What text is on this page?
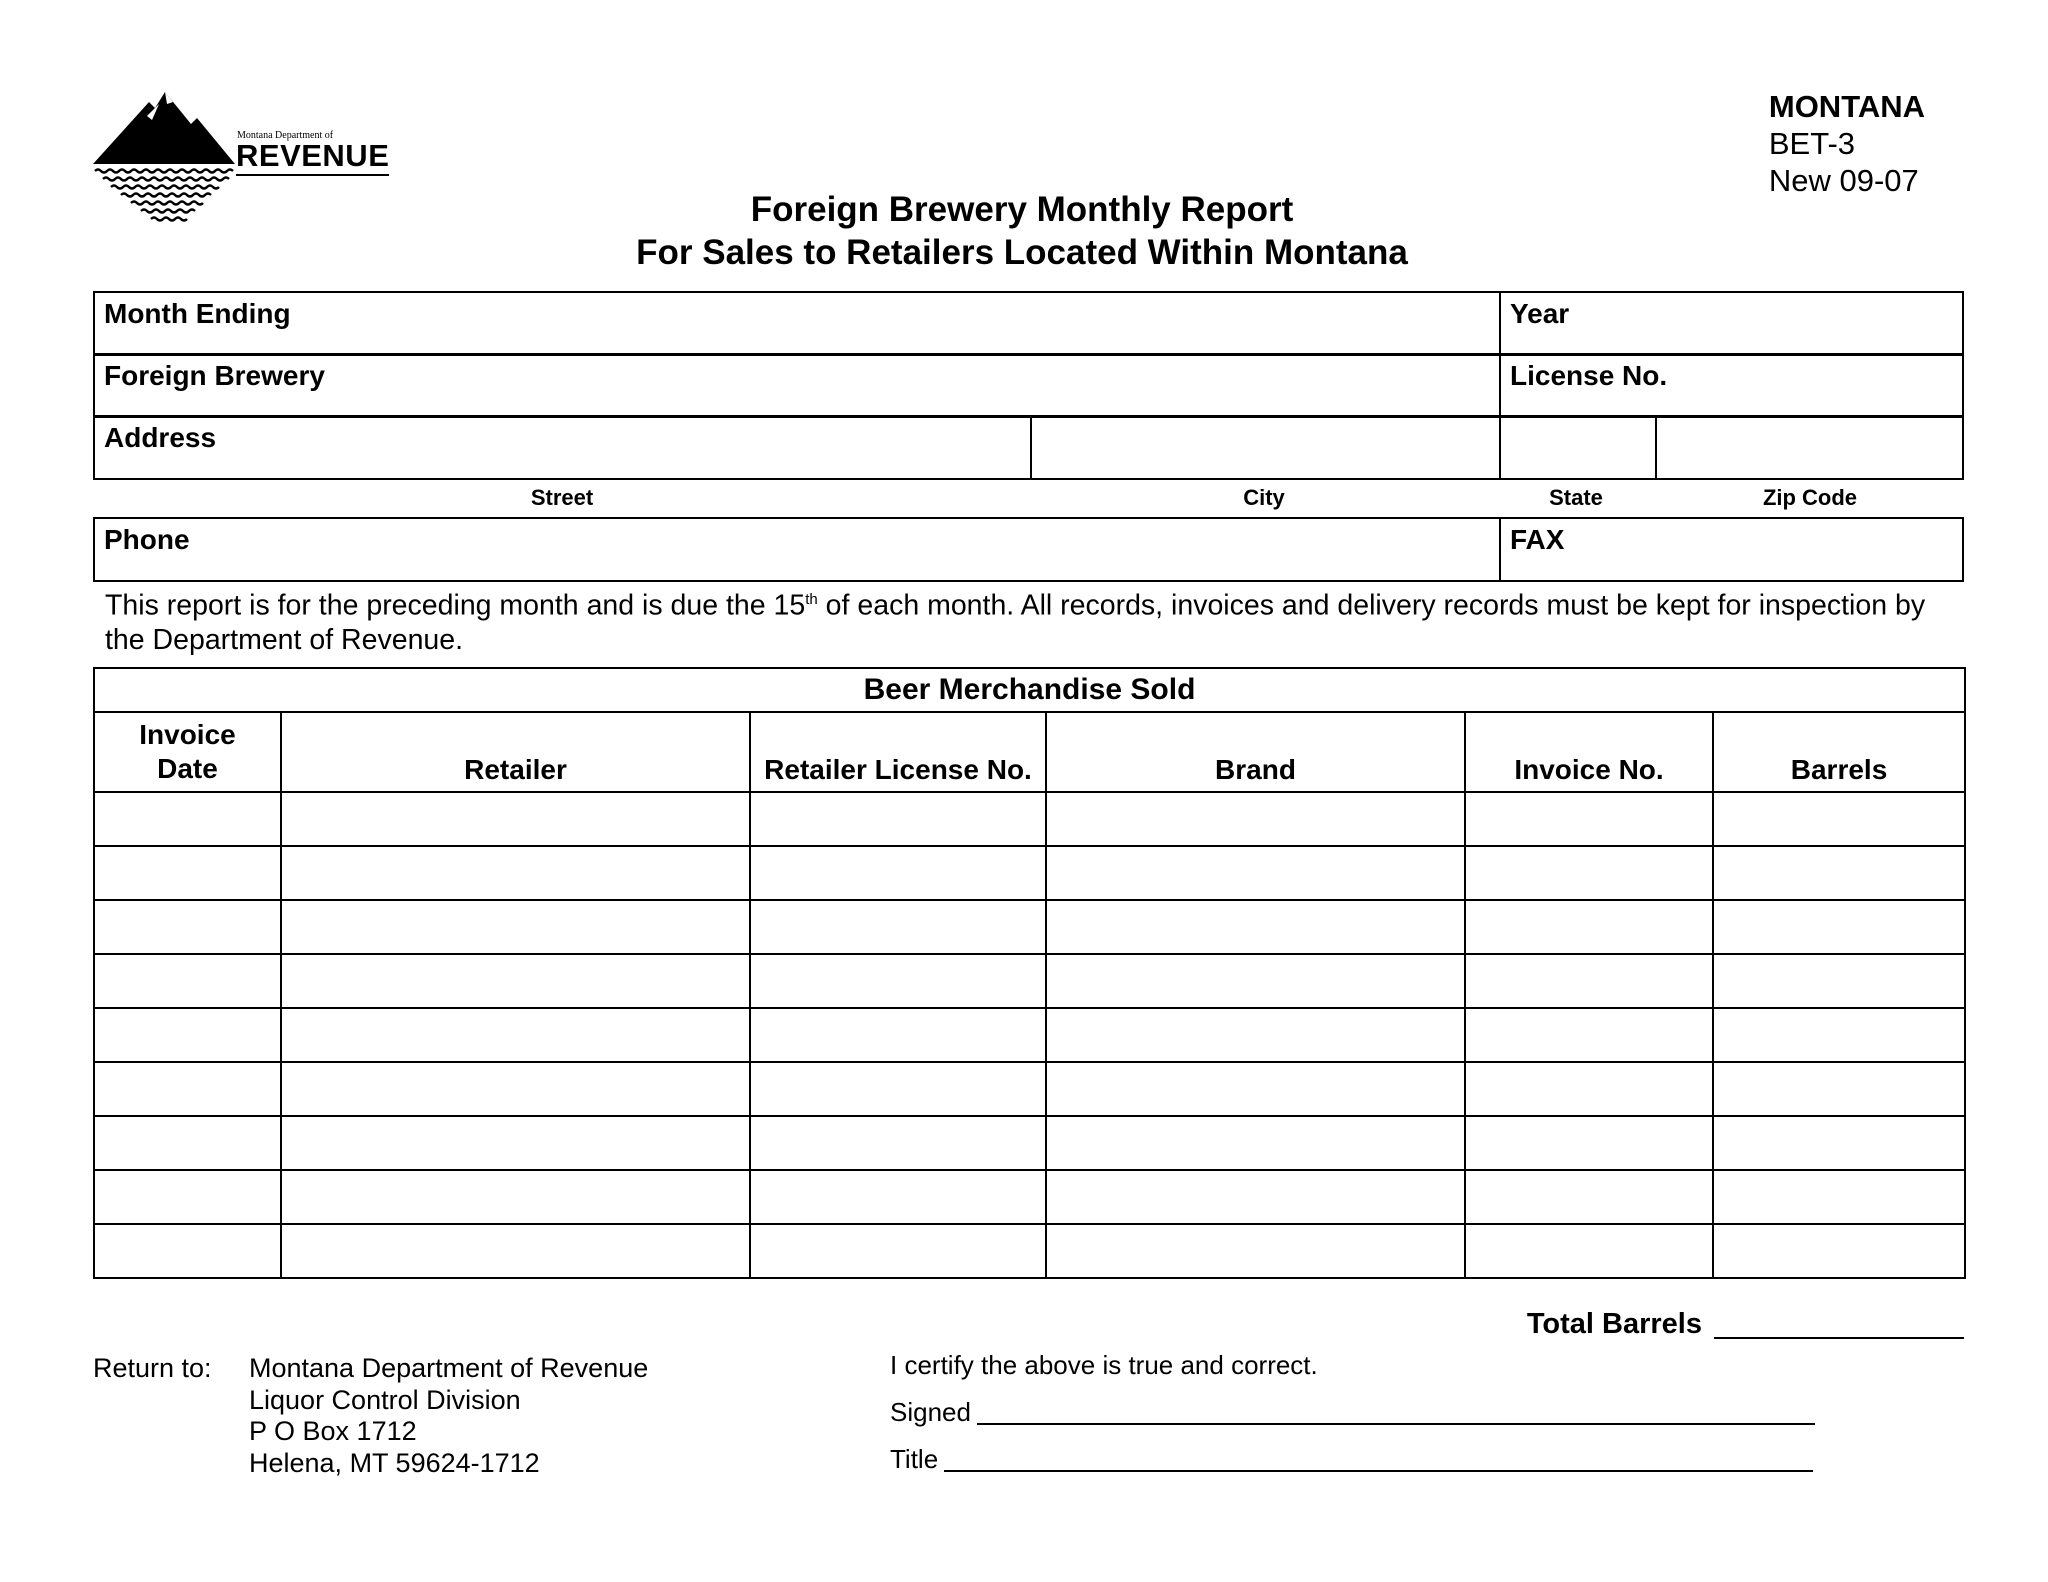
Montana Department of
REVENUE
MONTANA
BET-3
New 09-07
Foreign Brewery Monthly Report
For Sales to Retailers Located Within Montana
Month Ending	Year
Foreign Brewery	License No.
Address
Street	City	State	Zip Code
Phone	FAX
This report is for the preceding month and is due the 15th of each month. All records, invoices and delivery records must be kept for inspection by the Department of Revenue.
Beer Merchandise Sold					
Invoice
Date	Retailer	Retailer License No.	Brand	Invoice No.	Barrels

Total Barrels
Return to: Montana Department of Revenue
Liquor Control Division
P O Box 1712
Helena, MT 59624-1712
I certify the above is true and correct.
Signed
Title
